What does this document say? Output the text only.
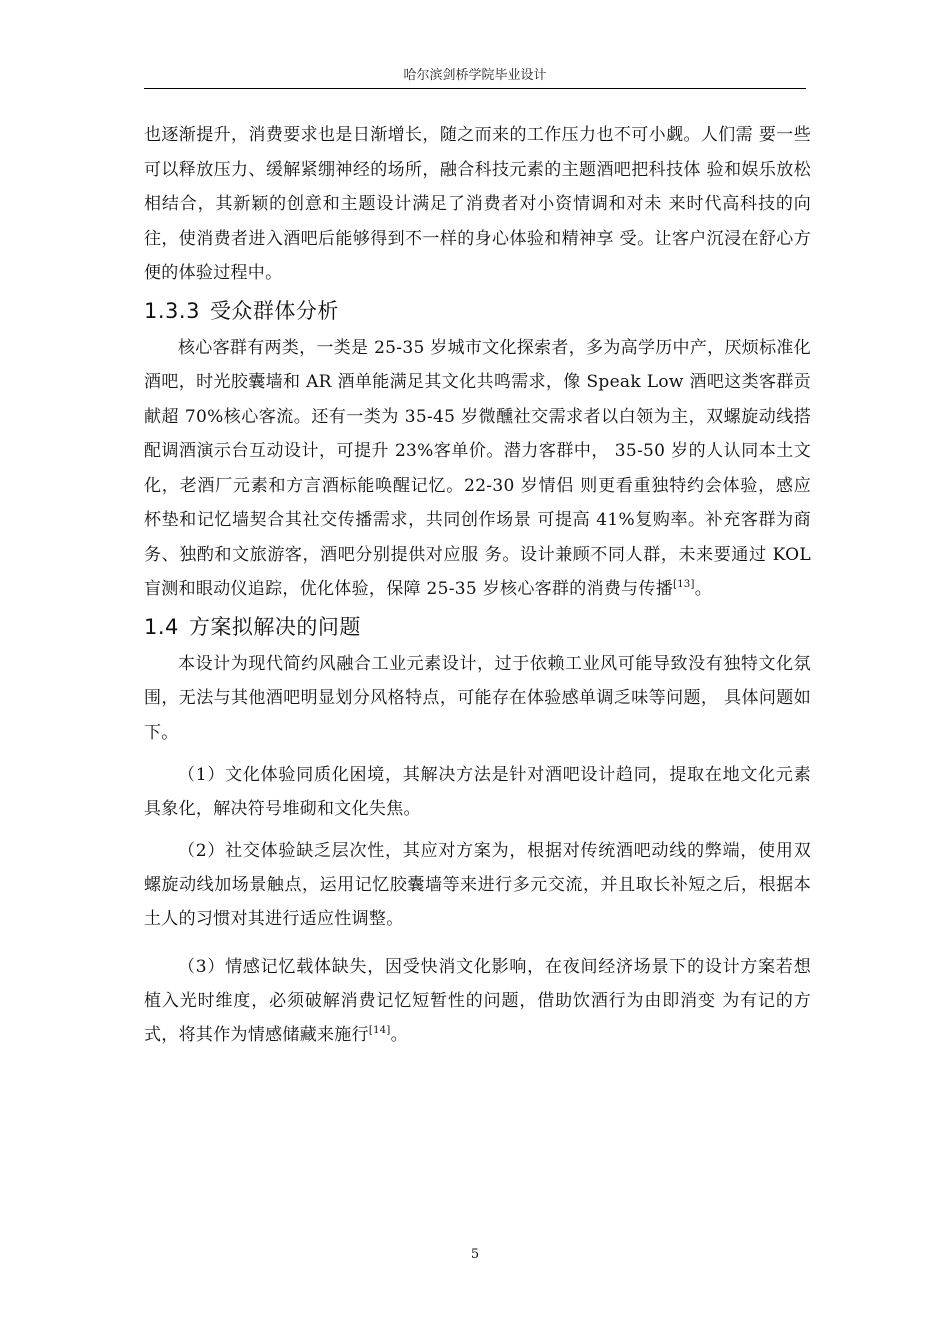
哈尔滨剑桥学院毕业设计

也逐渐提升，消费要求也是日渐增长，随之而来的工作压力也不可小觑。人们需 要一些可以释放压力、缓解紧绷神经的场所，融合科技元素的主题酒吧把科技体 验和娱乐放松相结合，其新颖的创意和主题设计满足了消费者对小资情调和对未 来时代高科技的向往，使消费者进入酒吧后能够得到不一样的身心体验和精神享 受。让客户沉浸在舒心方便的体验过程中。

1.3.3 受众群体分析

核心客群有两类，一类是 25-35 岁城市文化探索者，多为高学历中产，厌烦标准化酒吧，时光胶囊墙和 AR 酒单能满足其文化共鸣需求，像 Speak Low 酒吧这类客群贡献超 70%核心客流。还有一类为 35-45 岁微醺社交需求者以白领为主，双螺旋动线搭配调酒演示台互动设计，可提升 23%客单价。潜力客群中， 35-50 岁的人认同本土文化，老酒厂元素和方言酒标能唤醒记忆。22-30 岁情侣 则更看重独特约会体验，感应杯垫和记忆墙契合其社交传播需求，共同创作场景 可提高 41%复购率。补充客群为商务、独酌和文旅游客，酒吧分别提供对应服 务。设计兼顾不同人群，未来要通过 KOL 盲测和眼动仪追踪，优化体验，保障 25-35 岁核心客群的消费与传播[13]。

1.4 方案拟解决的问题

本设计为现代简约风融合工业元素设计，过于依赖工业风可能导致没有独特文化氛围，无法与其他酒吧明显划分风格特点，可能存在体验感单调乏味等问题， 具体问题如下。

（1）文化体验同质化困境，其解决方法是针对酒吧设计趋同，提取在地文化元素具象化，解决符号堆砌和文化失焦。

（2）社交体验缺乏层次性，其应对方案为，根据对传统酒吧动线的弊端，使用双螺旋动线加场景触点，运用记忆胶囊墙等来进行多元交流，并且取长补短之后，根据本土人的习惯对其进行适应性调整。

（3）情感记忆载体缺失，因受快消文化影响，在夜间经济场景下的设计方案若想植入光时维度，必须破解消费记忆短暂性的问题，借助饮酒行为由即消变 为有记的方式，将其作为情感储藏来施行[14]。

5
